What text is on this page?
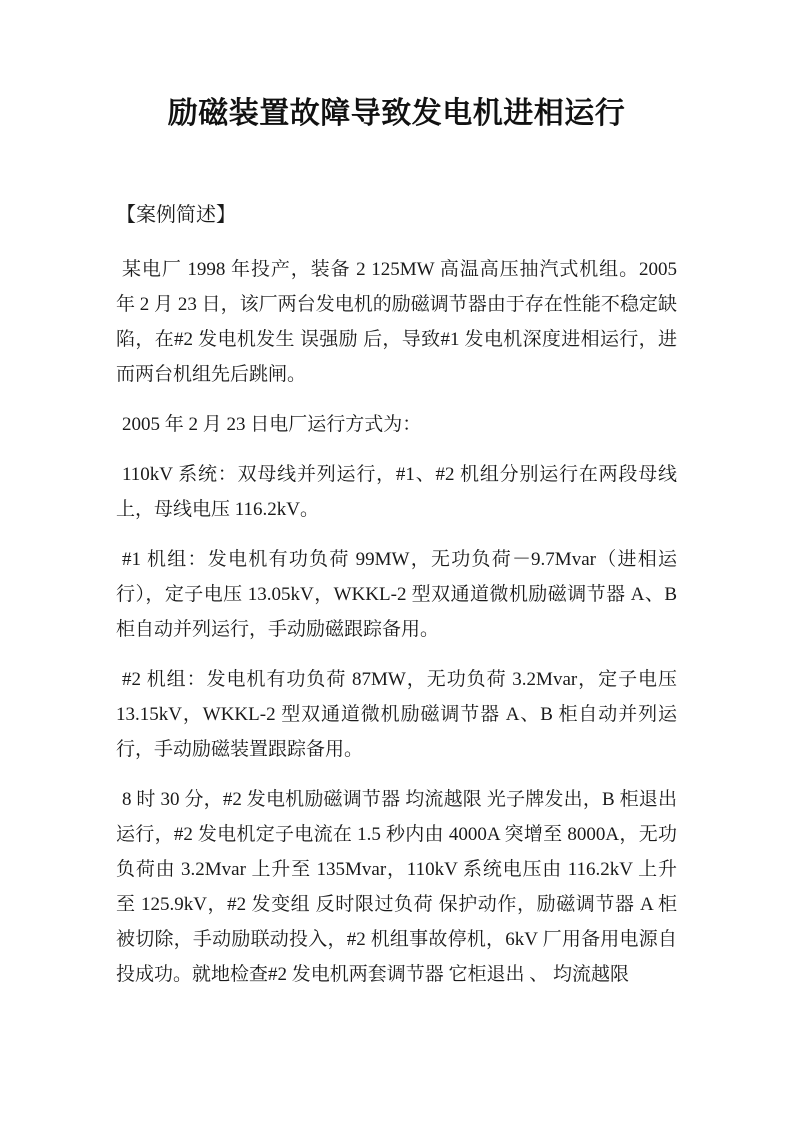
励磁装置故障导致发电机进相运行
【案例简述】

某电厂 1998 年投产，装备 2 125MW 高温高压抽汽式机组。2005 年 2 月 23 日，该厂两台发电机的励磁调节器由于存在性能不稳定缺陷，在#2 发电机发生 误强励 后，导致#1 发电机深度进相运行，进而两台机组先后跳闸。

2005 年 2 月 23 日电厂运行方式为：

110kV 系统：双母线并列运行，#1、#2 机组分别运行在两段母线上，母线电压 116.2kV。

#1 机组：发电机有功负荷 99MW，无功负荷－9.7Mvar（进相运行），定子电压 13.05kV，WKKL-2 型双通道微机励磁调节器 A、B 柜自动并列运行，手动励磁跟踪备用。

#2 机组：发电机有功负荷 87MW，无功负荷 3.2Mvar，定子电压 13.15kV，WKKL-2 型双通道微机励磁调节器 A、B 柜自动并列运行，手动励磁装置跟踪备用。

8 时 30 分，#2 发电机励磁调节器 均流越限 光子牌发出，B 柜退出运行，#2 发电机定子电流在 1.5 秒内由 4000A 突增至 8000A，无功负荷由 3.2Mvar 上升至 135Mvar，110kV 系统电压由 116.2kV 上升至 125.9kV，#2 发变组 反时限过负荷 保护动作，励磁调节器 A 柜被切除，手动励联动投入，#2 机组事故停机，6kV 厂用备用电源自投成功。就地检查#2 发电机两套调节器 它柜退出 、 均流越限
